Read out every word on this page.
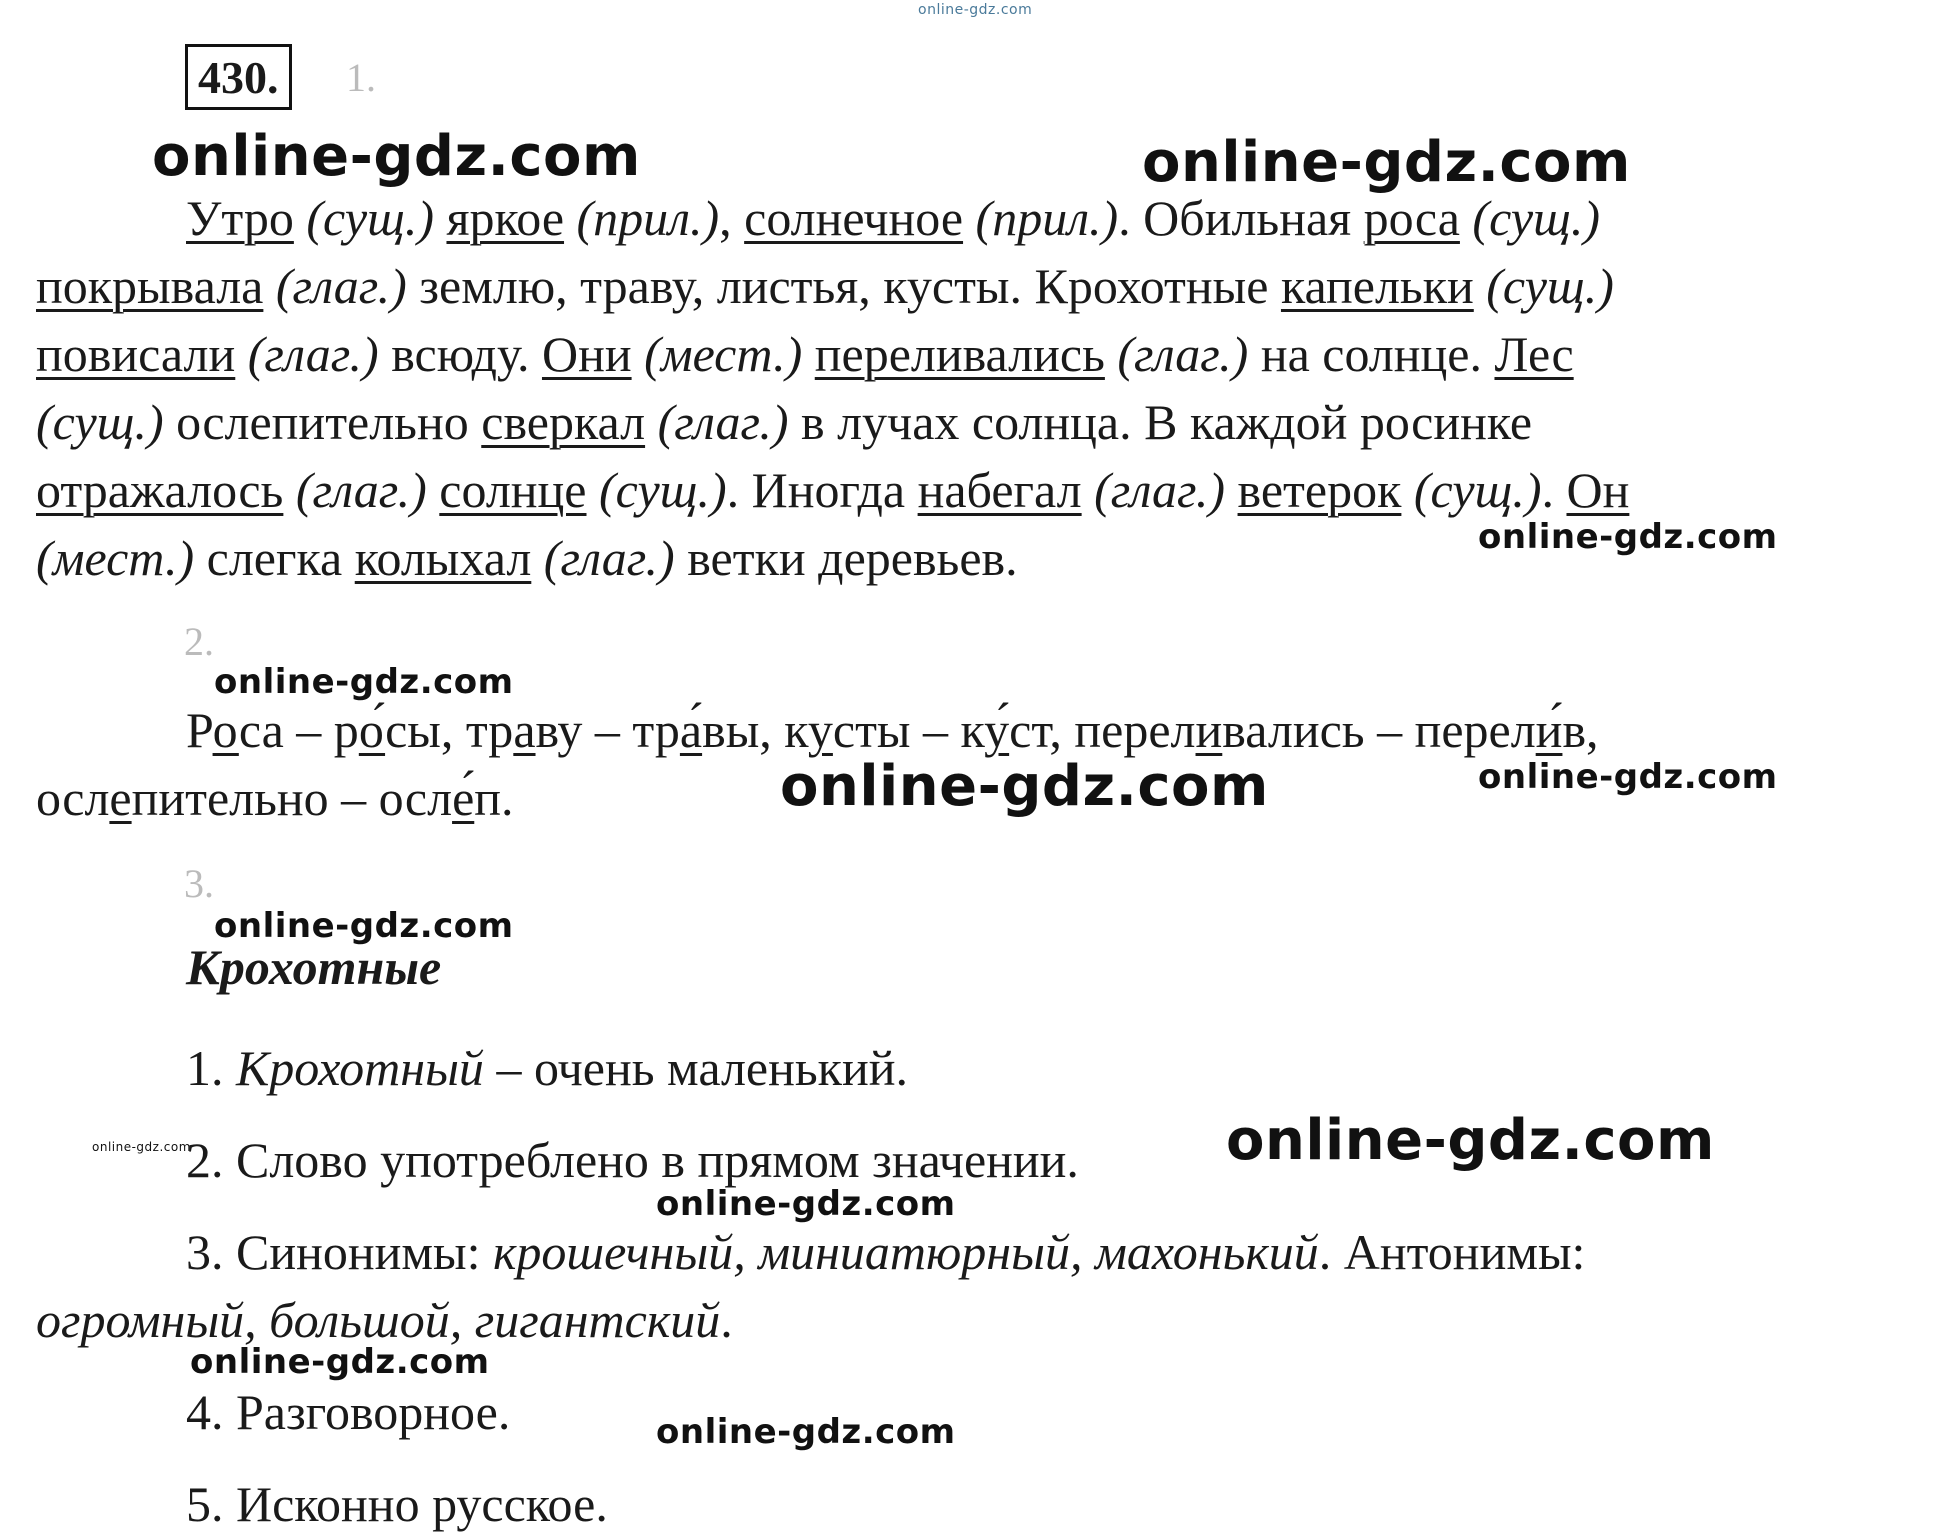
online-gdz.com
430.	1.
online-gdz.com	online-gdz.com
Утро (сущ.) яркое (прил.), солнечное (прил.). Обильная роса (сущ.)
покрывала (глаг.) землю, траву, листья, кусты. Крохотные капельки (сущ.)
повисали (глаг.) всюду. Они (мест.) переливались (глаг.) на солнце. Лес
(сущ.) ослепительно сверкал (глаг.) в лучах солнца. В каждой росинке
отражалось (глаг.) солнце (сущ.). Иногда набегал (глаг.) ветерок (сущ.). Он
(мест.) слегка колыхал (глаг.) ветки деревьев.	online-gdz.com
2.
online-gdz.com
Роса – ро́сы, траву – тра́вы, кусты – ку́ст, переливались – перели́в,
ослепительно – осле́п.	online-gdz.com	online-gdz.com
3.
online-gdz.com
Крохотные
1. Крохотный – очень маленький.
online-gdz.com
2. Слово употреблено в прямом значении.	online-gdz.com
online-gdz.com
3. Синонимы: крошечный, миниатюрный, махонький. Антонимы:
огромный, большой, гигантский.
online-gdz.com
4. Разговорное.	online-gdz.com
5. Исконно русское.
